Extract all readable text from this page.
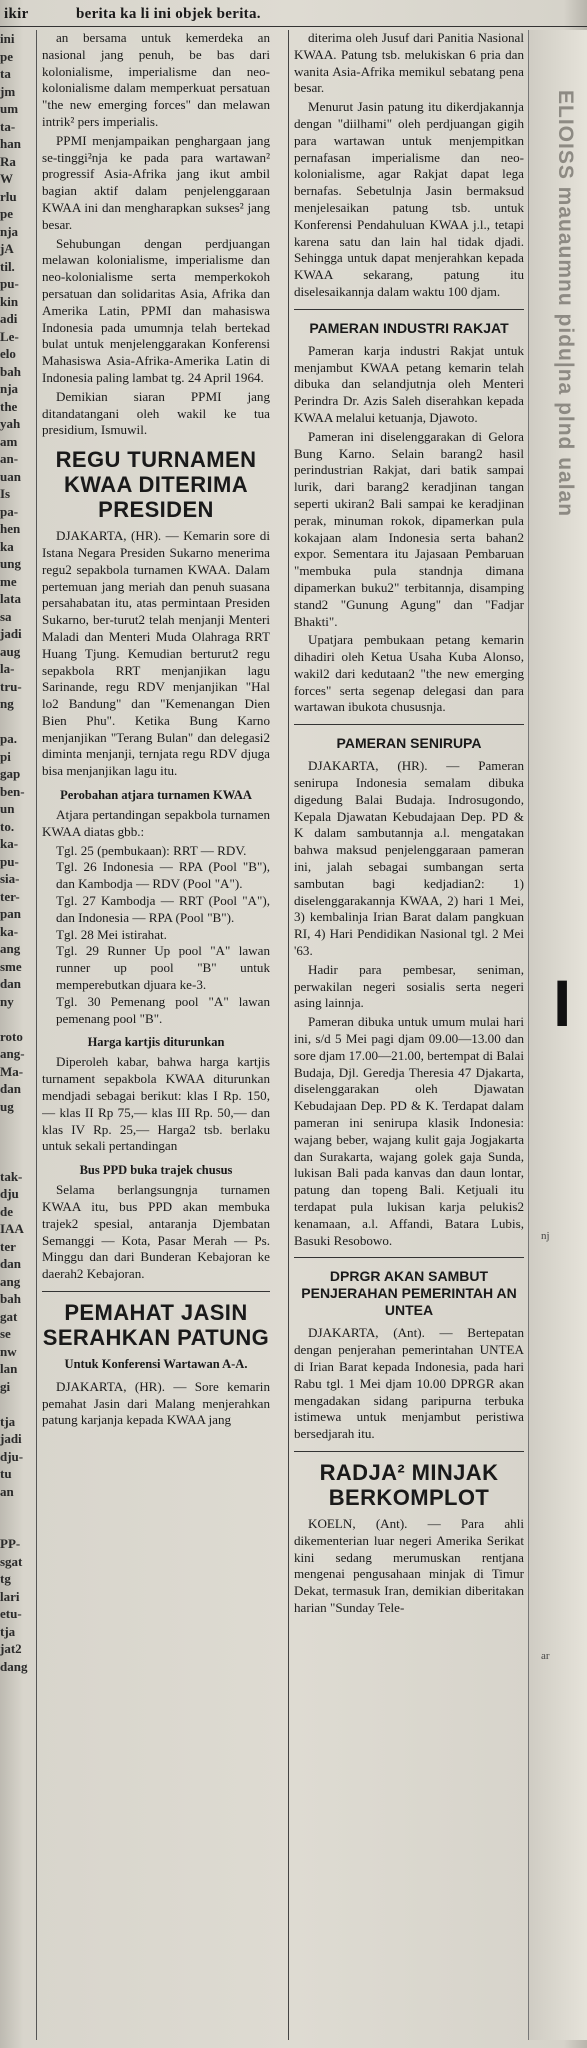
ikir	berita ka li ini objek berita.
ini
pe
ta
jm
um
ta-
han
Ra
W
rlu
pe
nja
jA
til.
pu-
kin
adi
Le-
elo
bah
nja
the
yah
am
an-
uan
Is
pa-
hen
ka
ung
me
lata
sa
jadi
aug
la-
tru-
ng

pa.
pi
gap
ben-
un
to.
ka-
pu-
sia-
ter-
pan
ka-
ang
sme
dan
ny

roto
ang-
Ma-
dan
ug

tak-
dju
de
IAA
ter
dan
ang
bah
gat
se
nw
lan
gi

tja
jadi
dju-
tu
an

PP-
sgat
tg
lari
etu-
tja
jat2
dang

an bersama untuk kemerdeka an nasional jang penuh, be bas dari kolonialisme, imperialisme dan neo-kolonialisme dalam memperkuat persatuan "the new emerging forces" dan melawan intrik² pers imperialis.

PPMI menjampaikan penghargaan jang se-tinggi²nja ke pada para wartawan² progressif Asia-Afrika jang ikut ambil bagian aktif dalam penjelenggaraan KWAA ini dan mengharapkan sukses² jang besar.

Sehubungan dengan perdjuangan melawan kolonialisme, imperialisme dan neo-kolonialisme serta memperkokoh persatuan dan solidaritas Asia, Afrika dan Amerika Latin, PPMI dan mahasiswa Indonesia pada umumnja telah bertekad bulat untuk menjelenggarakan Konferensi Mahasiswa Asia-Afrika-Amerika Latin di Indonesia paling lambat tg. 24 April 1964.

Demikian siaran PPMI jang ditandatangani oleh wakil ke tua presidium, Ismuwil.

REGU TURNAMEN KWAA DITERIMA PRESIDEN

DJAKARTA, (HR). — Kemarin sore di Istana Negara Presiden Sukarno menerima regu2 sepakbola turnamen KWAA. Dalam pertemuan jang meriah dan penuh suasana persahabatan itu, atas permintaan Presiden Sukarno, ber-turut2 telah menjanji Menteri Maladi dan Menteri Muda Olahraga RRT Huang Tjung. Kemudian berturut2 regu sepakbola RRT menjanjikan lagu Sarinande, regu RDV menjanjikan "Hal lo2 Bandung" dan "Kemenangan Dien Bien Phu". Ketika Bung Karno menjanjikan "Terang Bulan" dan delegasi2 diminta menjanji, ternjata regu RDV djuga bisa menjanjikan lagu itu.

Perobahan atjara turnamen KWAA

Atjara pertandingan sepakbola turnamen KWAA diatas gbb.:

Tgl. 25 (pembukaan): RRT — RDV.

Tgl. 26 Indonesia — RPA (Pool "B"), dan Kambodja — RDV (Pool "A").

Tgl. 27 Kambodja — RRT (Pool "A"), dan Indonesia — RPA (Pool "B").

Tgl. 28 Mei istirahat.

Tgl. 29 Runner Up pool "A" lawan runner up pool "B" untuk memperebutkan djuara ke-3.

Tgl. 30 Pemenang pool "A" lawan pemenang pool "B".

Harga kartjis diturunkan

Diperoleh kabar, bahwa harga kartjis turnament sepakbola KWAA diturunkan mendjadi sebagai berikut: klas I Rp. 150,— klas II Rp 75,— klas III Rp. 50,— dan klas IV Rp. 25,— Harga2 tsb. berlaku untuk sekali pertandingan

Bus PPD buka trajek chusus

Selama berlangsungnja turnamen KWAA itu, bus PPD akan membuka trajek2 spesial, antaranja Djembatan Semanggi — Kota, Pasar Merah — Ps. Minggu dan dari Bunderan Kebajoran ke daerah2 Kebajoran.

PEMAHAT JASIN SERAHKAN PATUNG
Untuk Konferensi Wartawan A-A.

DJAKARTA, (HR). — Sore kemarin pemahat Jasin dari Malang menjerahkan patung karjanja kepada KWAA jang

diterima oleh Jusuf dari Panitia Nasional KWAA. Patung tsb. melukiskan 6 pria dan wanita Asia-Afrika memikul sebatang pena besar.

Menurut Jasin patung itu dikerdjakannja dengan "diilhami" oleh perdjuangan gigih para wartawan untuk menjempitkan pernafasan imperialisme dan neo-kolonialisme, agar Rakjat dapat lega bernafas. Sebetulnja Jasin bermaksud menjelesaikan patung tsb. untuk Konferensi Pendahuluan KWAA j.l., tetapi karena satu dan lain hal tidak djadi. Sehingga untuk dapat menjerahkan kepada KWAA sekarang, patung itu diselesaikannja dalam waktu 100 djam.

PAMERAN INDUSTRI RAKJAT

Pameran karja industri Rakjat untuk menjambut KWAA petang kemarin telah dibuka dan selandjutnja oleh Menteri Perindra Dr. Azis Saleh diserahkan kepada KWAA melalui ketuanja, Djawoto.

Pameran ini diselenggarakan di Gelora Bung Karno. Selain barang2 hasil perindustrian Rakjat, dari batik sampai lurik, dari barang2 keradjinan tangan seperti ukiran2 Bali sampai ke keradjinan perak, minuman rokok, dipamerkan pula kokajaan alam Indonesia serta bahan2 expor. Sementara itu Jajasaan Pembaruan "membuka pula standnja dimana dipamerkan buku2" terbitannja, disamping stand2 "Gunung Agung" dan "Fadjar Bhakti".

Upatjara pembukaan petang kemarin dihadiri oleh Ketua Usaha Kuba Alonso, wakil2 dari kedutaan2 "the new emerging forces" serta segenap delegasi dan para wartawan ibukota chususnja.

PAMERAN SENIRUPA

DJAKARTA, (HR). — Pameran senirupa Indonesia semalam dibuka digedung Balai Budaja. Indrosugondo, Kepala Djawatan Kebudajaan Dep. PD & K dalam sambutannja a.l. mengatakan bahwa maksud penjelenggaraan pameran ini, jalah sebagai sumbangan serta sambutan bagi kedjadian2: 1) diselenggarakannja KWAA, 2) hari 1 Mei, 3) kembalinja Irian Barat dalam pangkuan RI, 4) Hari Pendidikan Nasional tgl. 2 Mei '63.

Hadir para pembesar, seniman, perwakilan negeri sosialis serta negeri asing lainnja.

Pameran dibuka untuk umum mulai hari ini, s/d 5 Mei pagi djam 09.00—13.00 dan sore djam 17.00—21.00, bertempat di Balai Budaja, Djl. Geredja Theresia 47 Djakarta, diselenggarakan oleh Djawatan Kebudajaan Dep. PD & K. Terdapat dalam pameran ini senirupa klasik Indonesia: wajang beber, wajang kulit gaja Jogjakarta dan Surakarta, wajang golek gaja Sunda, lukisan Bali pada kanvas dan daun lontar, patung dan topeng Bali. Ketjuali itu terdapat pula lukisan karja pelukis2 kenamaan, a.l. Affandi, Batara Lubis, Basuki Resobowo.

DPRGR AKAN SAMBUT PENJERAHAN PEMERINTAH AN UNTEA

DJAKARTA, (Ant). — Bertepatan dengan penjerahan pemerintahan UNTEA di Irian Barat kepada Indonesia, pada hari Rabu tgl. 1 Mei djam 10.00 DPRGR akan mengadakan sidang paripurna terbuka istimewa untuk menjambut peristiwa bersedjarah itu.

RADJA² MINJAK BERKOMPLOT

KOELN, (Ant). — Para ahli dikementerian luar negeri Amerika Serikat kini sedang merumuskan rentjana mengenai pengusahaan minjak di Timur Dekat, termasuk Iran, demikian diberitakan harian "Sunday Tele-

ELIOISS mauaumnu pidu|na plnd ualan
I
nj
ar
